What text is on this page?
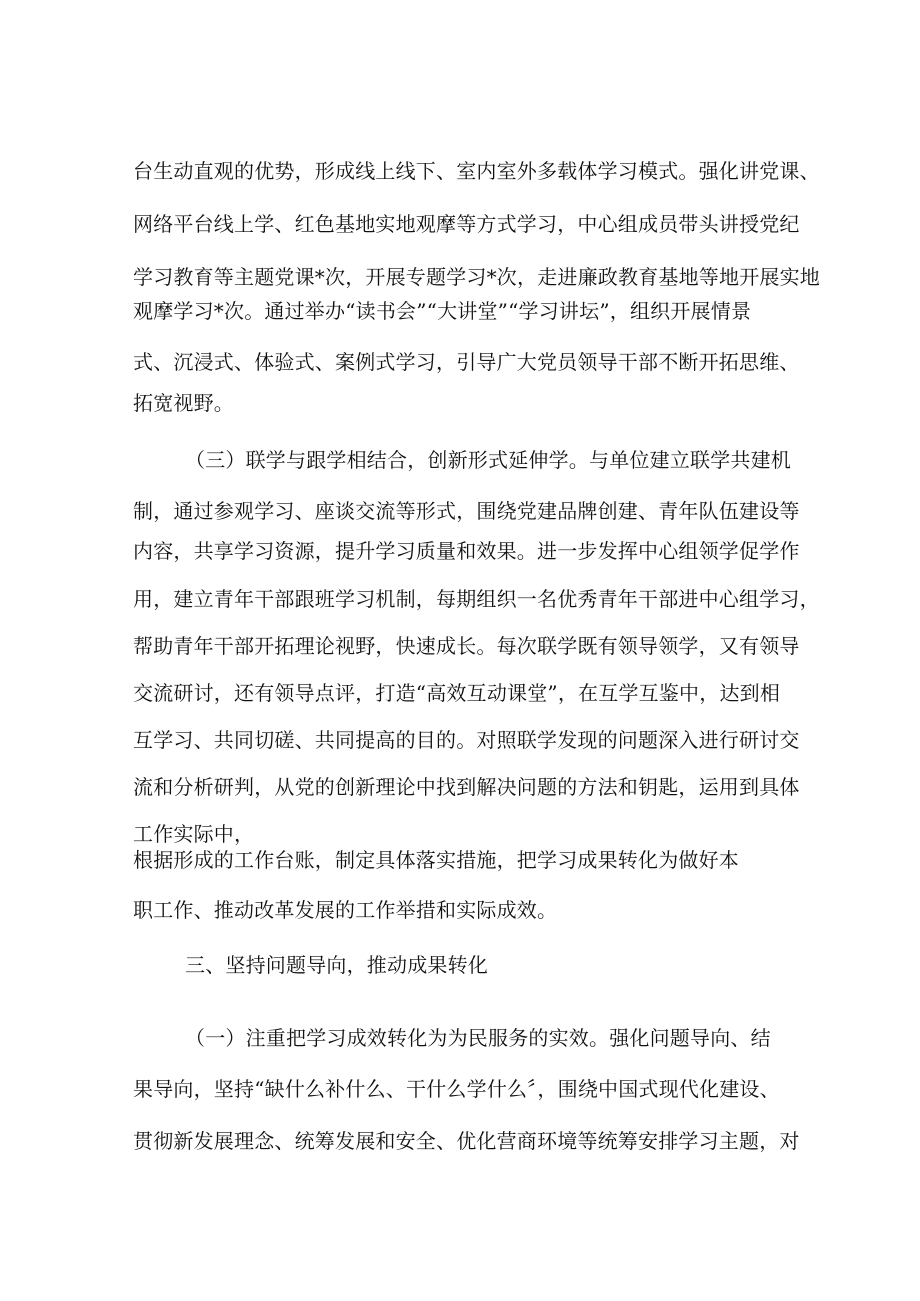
台生动直观的优势，形成线上线下、室内室外多载体学习模式。强化讲党课、
网络平台线上学、红色基地实地观摩等方式学习，中心组成员带头讲授党纪
学习教育等主题党课*次，开展专题学习*次，走进廉政教育基地等地开展实地
观摩学习*次。通过举办“读书会”“大讲堂”“学习讲坛”，组织开展情景
式、沉浸式、体验式、案例式学习，引导广大党员领导干部不断开拓思维、
拓宽视野。
（三）联学与跟学相结合，创新形式延伸学。与单位建立联学共建机
制，通过参观学习、座谈交流等形式，围绕党建品牌创建、青年队伍建设等
内容，共享学习资源，提升学习质量和效果。进一步发挥中心组领学促学作
用，建立青年干部跟班学习机制，每期组织一名优秀青年干部进中心组学习，
帮助青年干部开拓理论视野，快速成长。每次联学既有领导领学，又有领导
交流研讨，还有领导点评，打造“高效互动课堂”，在互学互鉴中，达到相
互学习、共同切磋、共同提高的目的。对照联学发现的问题深入进行研讨交
流和分析研判，从党的创新理论中找到解决问题的方法和钥匙，运用到具体
工作实际中，
根据形成的工作台账，制定具体落实措施，把学习成果转化为做好本
职工作、推动改革发展的工作举措和实际成效。
三、坚持问题导向，推动成果转化
（一）注重把学习成效转化为为民服务的实效。强化问题导向、结
果导向，坚持“缺什么补什么、干什么学什么〞，围绕中国式现代化建设、
贯彻新发展理念、统筹发展和安全、优化营商环境等统筹安排学习主题，对
